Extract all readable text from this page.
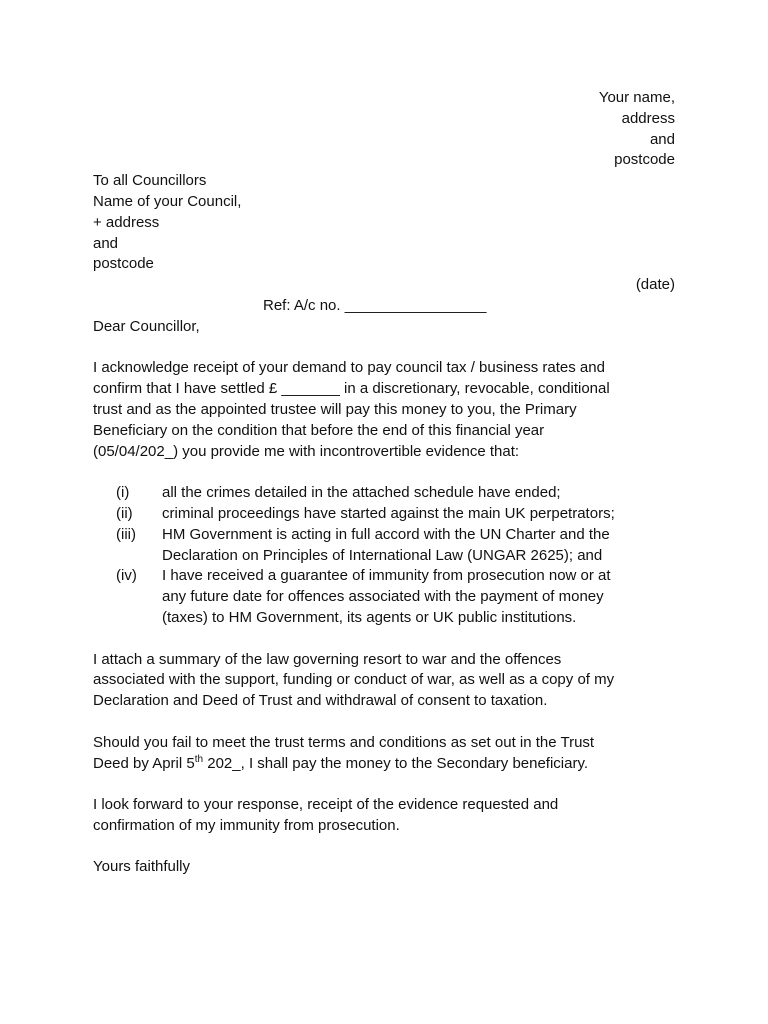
Your name,
address
and
postcode
To all Councillors
Name of your Council,
+ address
and
postcode
(date)
Ref: A/c no. _________________
Dear Councillor,
I acknowledge receipt of your demand to pay council tax / business rates and
confirm that I have settled £ _______ in a discretionary, revocable, conditional
trust and as the appointed trustee will pay this money to you, the Primary
Beneficiary on the condition that before the end of this financial year
(05/04/202_) you provide me with incontrovertible evidence that:
(i)	all the crimes detailed in the attached schedule have ended;
(ii)	criminal proceedings have started against the main UK perpetrators;
(iii) HM Government is acting in full accord with the UN Charter and the
Declaration on Principles of International Law (UNGAR 2625); and
(iv) I have received a guarantee of immunity from prosecution now or at
any future date for offences associated with the payment of money
(taxes) to HM Government, its agents or UK public institutions.
I attach a summary of the law governing resort to war and the offences
associated with the support, funding or conduct of war, as well as a copy of my
Declaration and Deed of Trust and withdrawal of consent to taxation.
Should you fail to meet the trust terms and conditions as set out in the Trust
Deed by April 5th 202_, I shall pay the money to the Secondary beneficiary.
I look forward to your response, receipt of the evidence requested and
confirmation of my immunity from prosecution.
Yours faithfully
